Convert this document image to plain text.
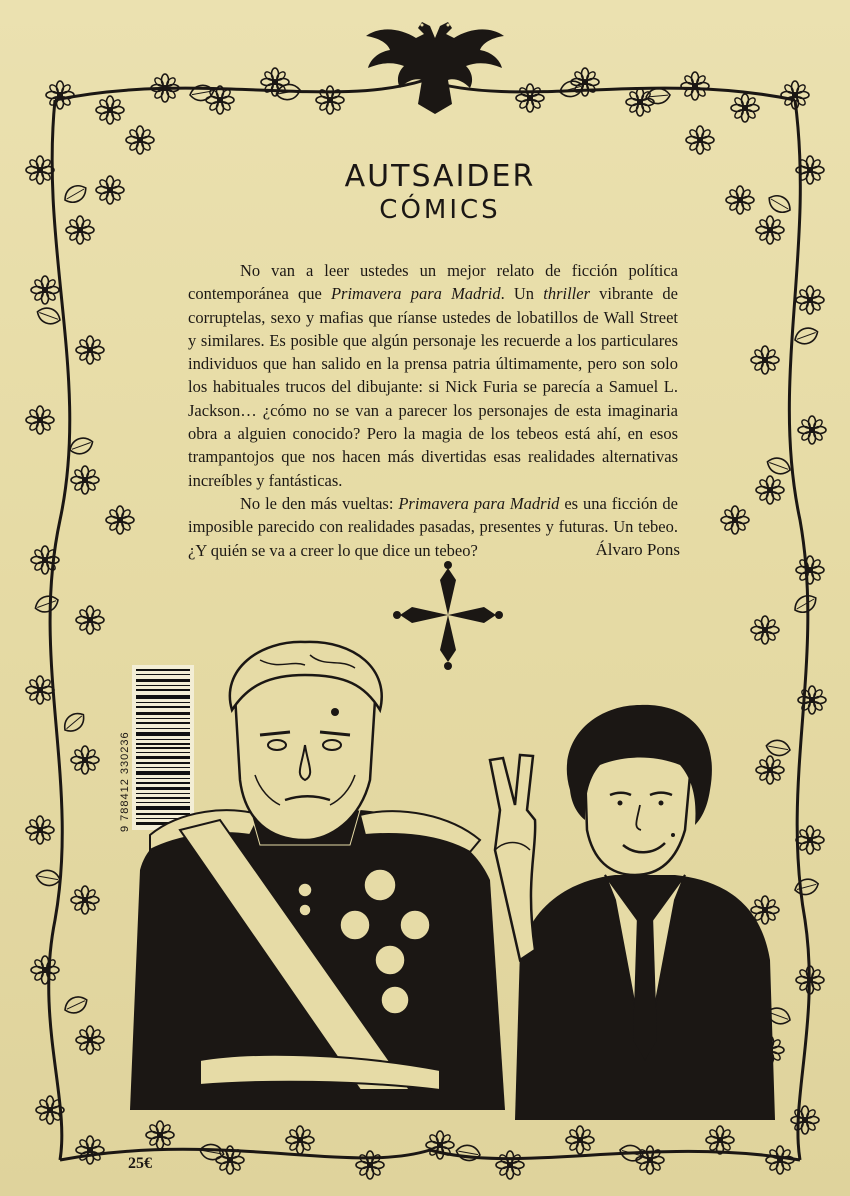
AUTSAIDER
CÓMICS

No van a leer ustedes un mejor relato de ficción política contemporánea que Primavera para Madrid. Un thriller vibrante de corruptelas, sexo y mafias que ríanse ustedes de lobatillos de Wall Street y similares. Es posible que algún personaje les recuerde a los particulares individuos que han salido en la prensa patria últimamente, pero son solo los habituales trucos del dibujante: si Nick Furia se parecía a Samuel L. Jackson… ¿cómo no se van a parecer los personajes de esta imaginaria obra a alguien conocido? Pero la magia de los tebeos está ahí, en esos trampantojos que nos hacen más divertidas esas realidades alternativas increíbles y fantásticas.

No le den más vueltas: Primavera para Madrid es una ficción de imposible parecido con realidades pasadas, presentes y futuras. Un tebeo. ¿Y quién se va a creer lo que dice un tebeo?	Álvaro Pons
9 788412 330236
25€
